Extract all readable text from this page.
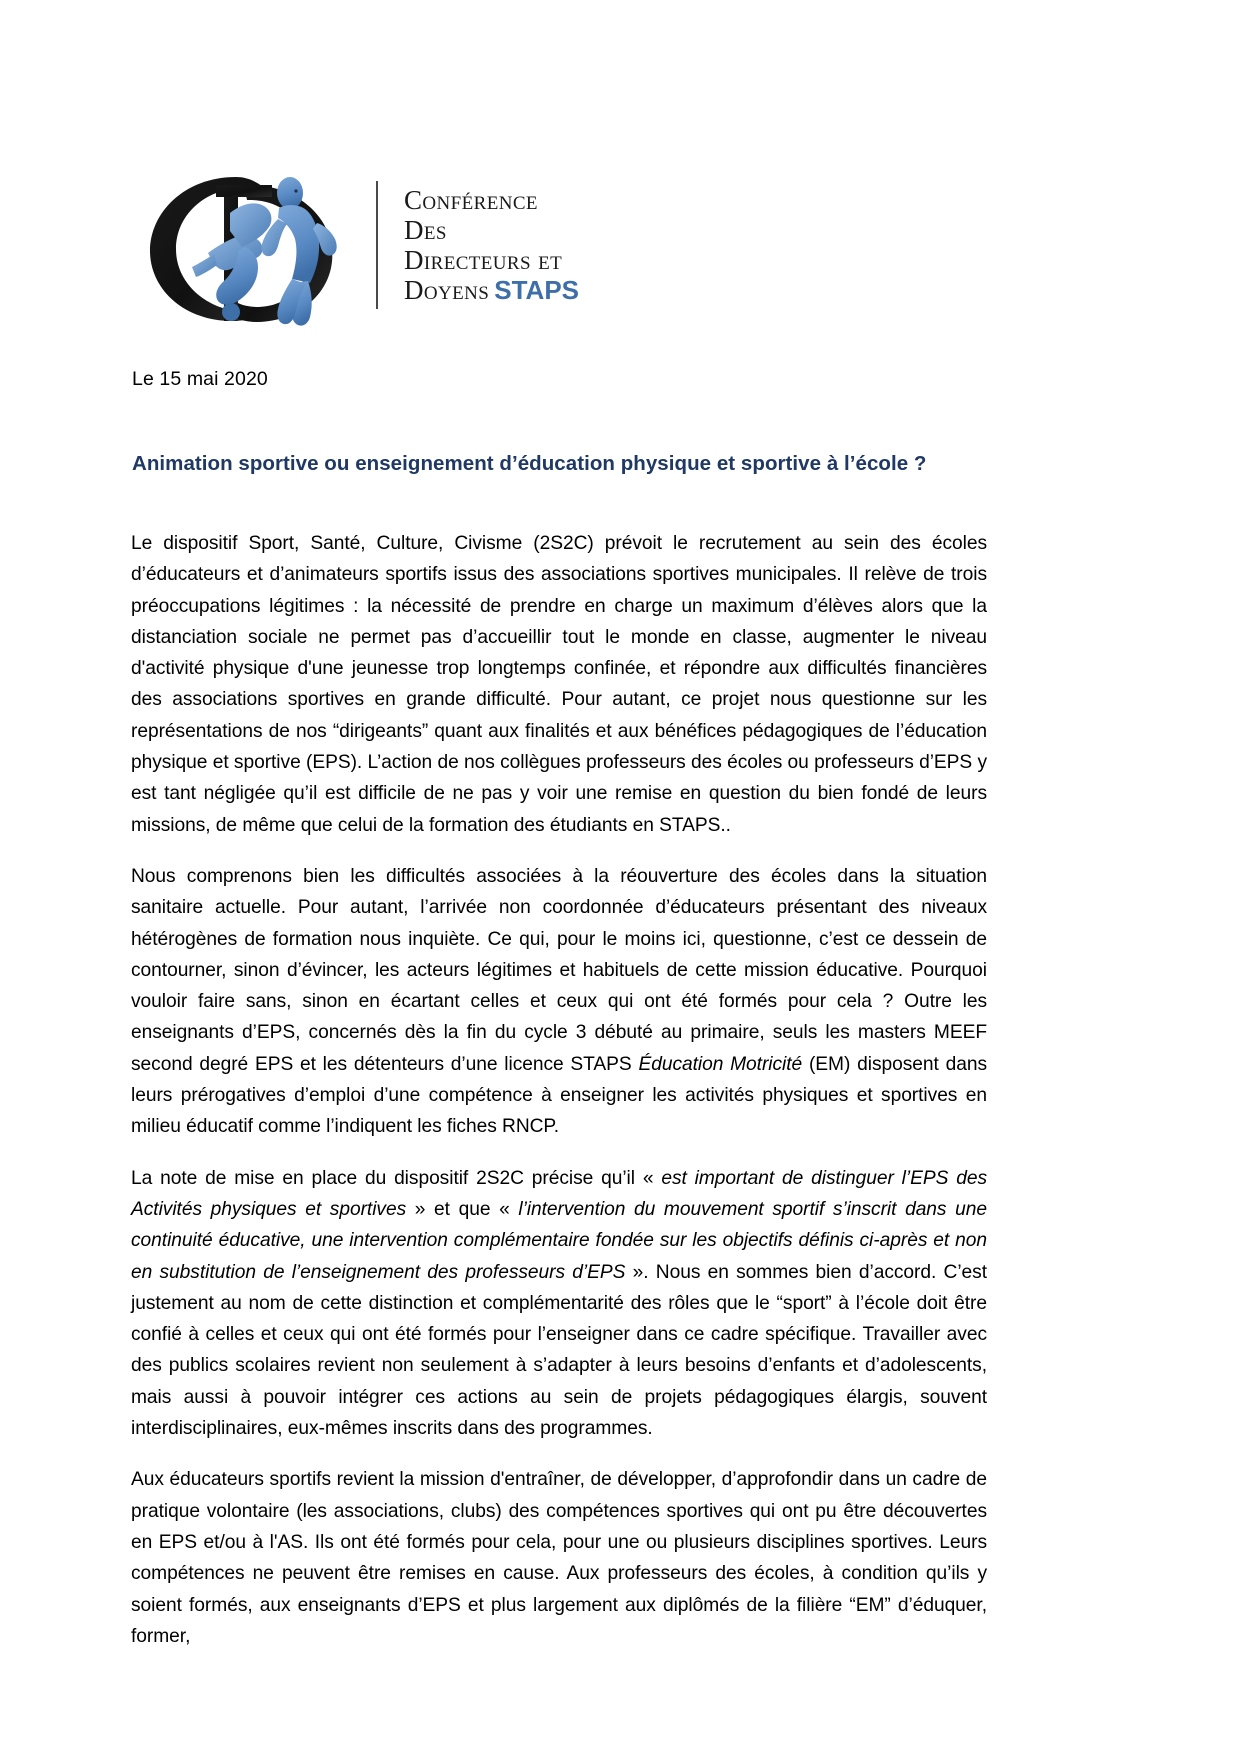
Conférence
Des
Directeurs et
Doyens STAPS
Le 15 mai 2020
Animation sportive ou enseignement d’éducation physique et sportive à l’école ?

Le dispositif Sport, Santé, Culture, Civisme (2S2C) prévoit le recrutement au sein des écoles d’éducateurs et d’animateurs sportifs issus des associations sportives municipales. Il relève de trois préoccupations légitimes : la nécessité de prendre en charge un maximum d’élèves alors que la distanciation sociale ne permet pas d’accueillir tout le monde en classe, augmenter le niveau d'activité physique d'une jeunesse trop longtemps confinée, et répondre aux difficultés financières des associations sportives en grande difficulté. Pour autant, ce projet nous questionne sur les représentations de nos “dirigeants” quant aux finalités et aux bénéfices pédagogiques de l’éducation physique et sportive (EPS). L’action de nos collègues professeurs des écoles ou professeurs d’EPS y est tant négligée qu’il est difficile de ne pas y voir une remise en question du bien fondé de leurs missions, de même que celui de la formation des étudiants en STAPS..

Nous comprenons bien les difficultés associées à la réouverture des écoles dans la situation sanitaire actuelle. Pour autant, l’arrivée non coordonnée d’éducateurs présentant des niveaux hétérogènes de formation nous inquiète. Ce qui, pour le moins ici, questionne, c’est ce dessein de contourner, sinon d’évincer, les acteurs légitimes et habituels de cette mission éducative. Pourquoi vouloir faire sans, sinon en écartant celles et ceux qui ont été formés pour cela ? Outre les enseignants d’EPS, concernés dès la fin du cycle 3 débuté au primaire, seuls les masters MEEF second degré EPS et les détenteurs d’une licence STAPS Éducation Motricité (EM) disposent dans leurs prérogatives d’emploi d’une compétence à enseigner les activités physiques et sportives en milieu éducatif comme l’indiquent les fiches RNCP.

La note de mise en place du dispositif 2S2C précise qu’il « est important de distinguer l’EPS des Activités physiques et sportives » et que « l’intervention du mouvement sportif s’inscrit dans une continuité éducative, une intervention complémentaire fondée sur les objectifs définis ci-après et non en substitution de l’enseignement des professeurs d’EPS ». Nous en sommes bien d’accord. C’est justement au nom de cette distinction et complémentarité des rôles que le “sport” à l’école doit être confié à celles et ceux qui ont été formés pour l’enseigner dans ce cadre spécifique. Travailler avec des publics scolaires revient non seulement à s’adapter à leurs besoins d’enfants et d’adolescents, mais aussi à pouvoir intégrer ces actions au sein de projets pédagogiques élargis, souvent interdisciplinaires, eux-mêmes inscrits dans des programmes.

Aux éducateurs sportifs revient la mission d'entraîner, de développer, d’approfondir dans un cadre de pratique volontaire (les associations, clubs) des compétences sportives qui ont pu être découvertes en EPS et/ou à l'AS. Ils ont été formés pour cela, pour une ou plusieurs disciplines sportives. Leurs compétences ne peuvent être remises en cause. Aux professeurs des écoles, à condition qu’ils y soient formés, aux enseignants d’EPS et plus largement aux diplômés de la filière “EM” d’éduquer, former,
